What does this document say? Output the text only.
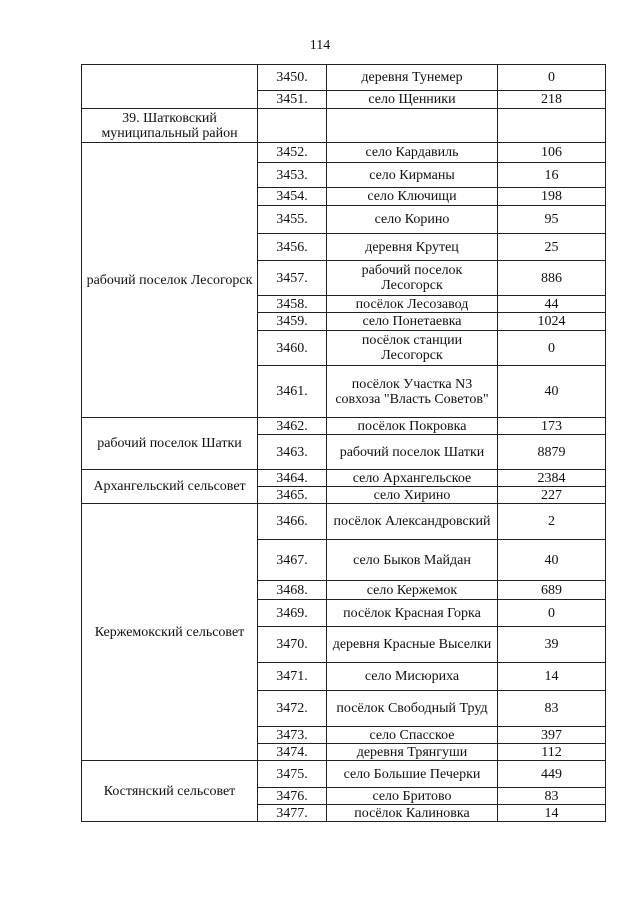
114
	3450.	деревня Тунемер	0
	3451.	село Щенники	218
39. Шатковский муниципальный район			
рабочий поселок Лесогорск	3452.	село Кардавиль	106
	3453.	село Кирманы	16
	3454.	село Ключищи	198
	3455.	село Корино	95
	3456.	деревня Крутец	25
	3457.	рабочий поселок Лесогорск	886
	3458.	посёлок Лесозавод	44
	3459.	село Понетаевка	1024
	3460.	посёлок станции Лесогорск	0
	3461.	посёлок Участка N3 совхоза "Власть Советов"	40
рабочий поселок Шатки	3462.	посёлок Покровка	173
	3463.	рабочий поселок Шатки	8879
Архангельский сельсовет	3464.	село Архангельское	2384
	3465.	село Хирино	227
Кержемокский сельсовет	3466.	посёлок Александровский	2
	3467.	село Быков Майдан	40
	3468.	село Кержемок	689
	3469.	посёлок Красная Горка	0
	3470.	деревня Красные Выселки	39
	3471.	село Мисюриха	14
	3472.	посёлок Свободный Труд	83
	3473.	село Спасское	397
	3474.	деревня Трянгуши	112
Костянский сельсовет	3475.	село Большие Печерки	449
	3476.	село Бритово	83
	3477.	посёлок Калиновка	14
